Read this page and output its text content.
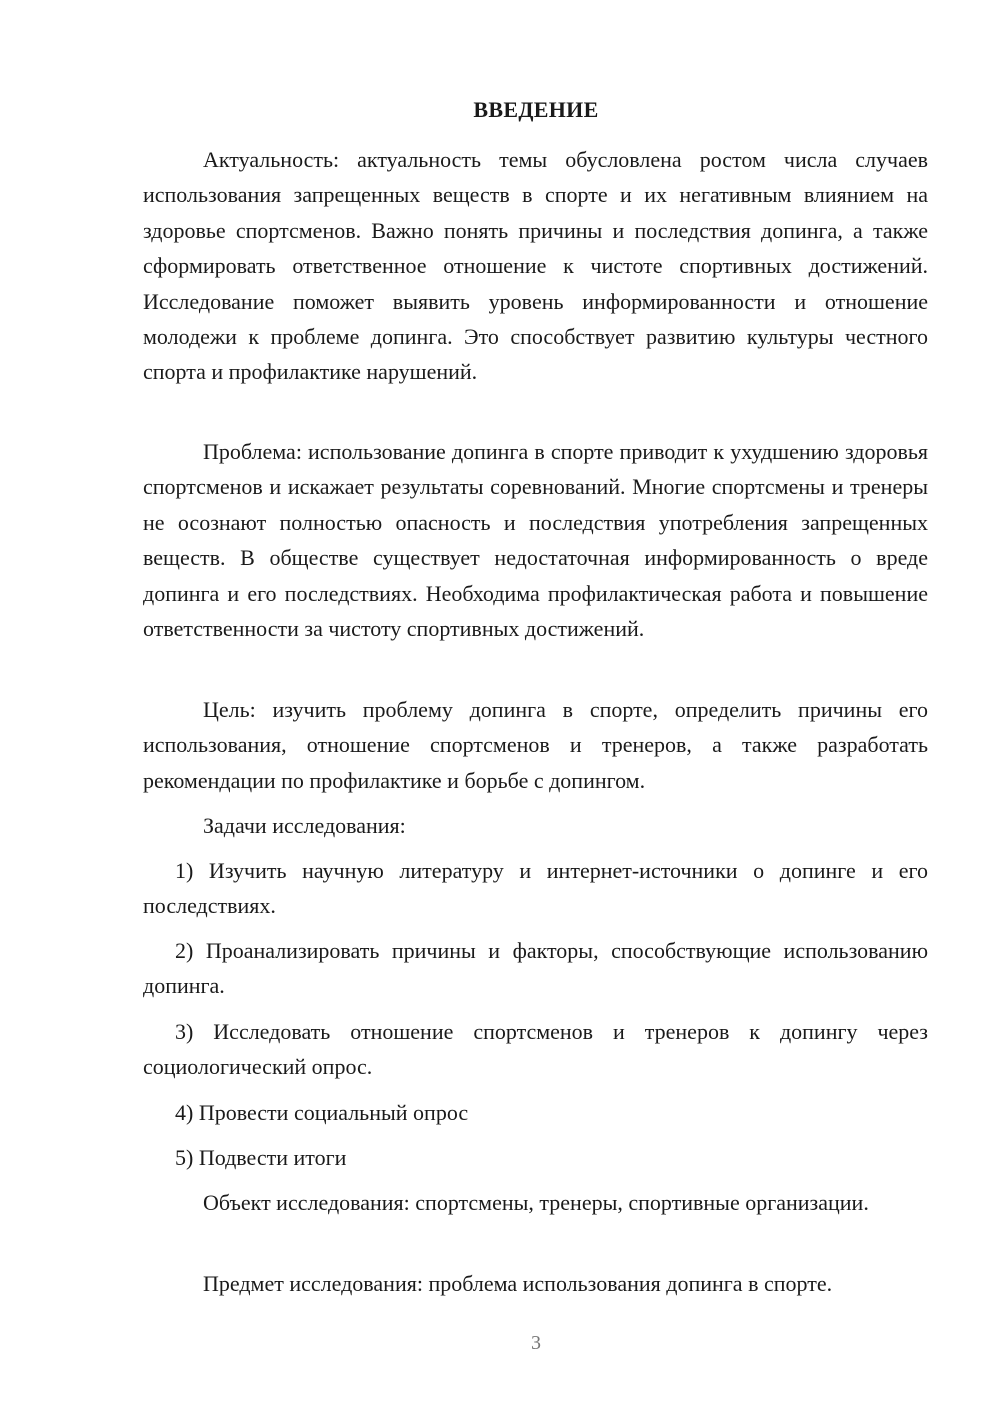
ВВЕДЕНИЕ

Актуальность: актуальность темы обусловлена ростом числа случаев использования запрещенных веществ в спорте и их негативным влиянием на здоровье спортсменов. Важно понять причины и последствия допинга, а также сформировать ответственное отношение к чистоте спортивных достижений. Исследование поможет выявить уровень информированности и отношение молодежи к проблеме допинга. Это способствует развитию культуры честного спорта и профилактике нарушений.

Проблема: использование допинга в спорте приводит к ухудшению здоровья спортсменов и искажает результаты соревнований. Многие спортсмены и тренеры не осознают полностью опасность и последствия употребления запрещенных веществ. В обществе существует недостаточная информированность о вреде допинга и его последствиях. Необходима профилактическая работа и повышение ответственности за чистоту спортивных достижений.

Цель: изучить проблему допинга в спорте, определить причины его использования, отношение спортсменов и тренеров, а также разработать рекомендации по профилактике и борьбе с допингом.

Задачи исследования:

1) Изучить научную литературу и интернет-источники о допинге и его последствиях.

2) Проанализировать причины и факторы, способствующие использованию допинга.

3) Исследовать отношение спортсменов и тренеров к допингу через социологический опрос.

4) Провести социальный опрос

5) Подвести итоги

Объект исследования: спортсмены, тренеры, спортивные организации.

Предмет исследования: проблема использования допинга в спорте.

3
